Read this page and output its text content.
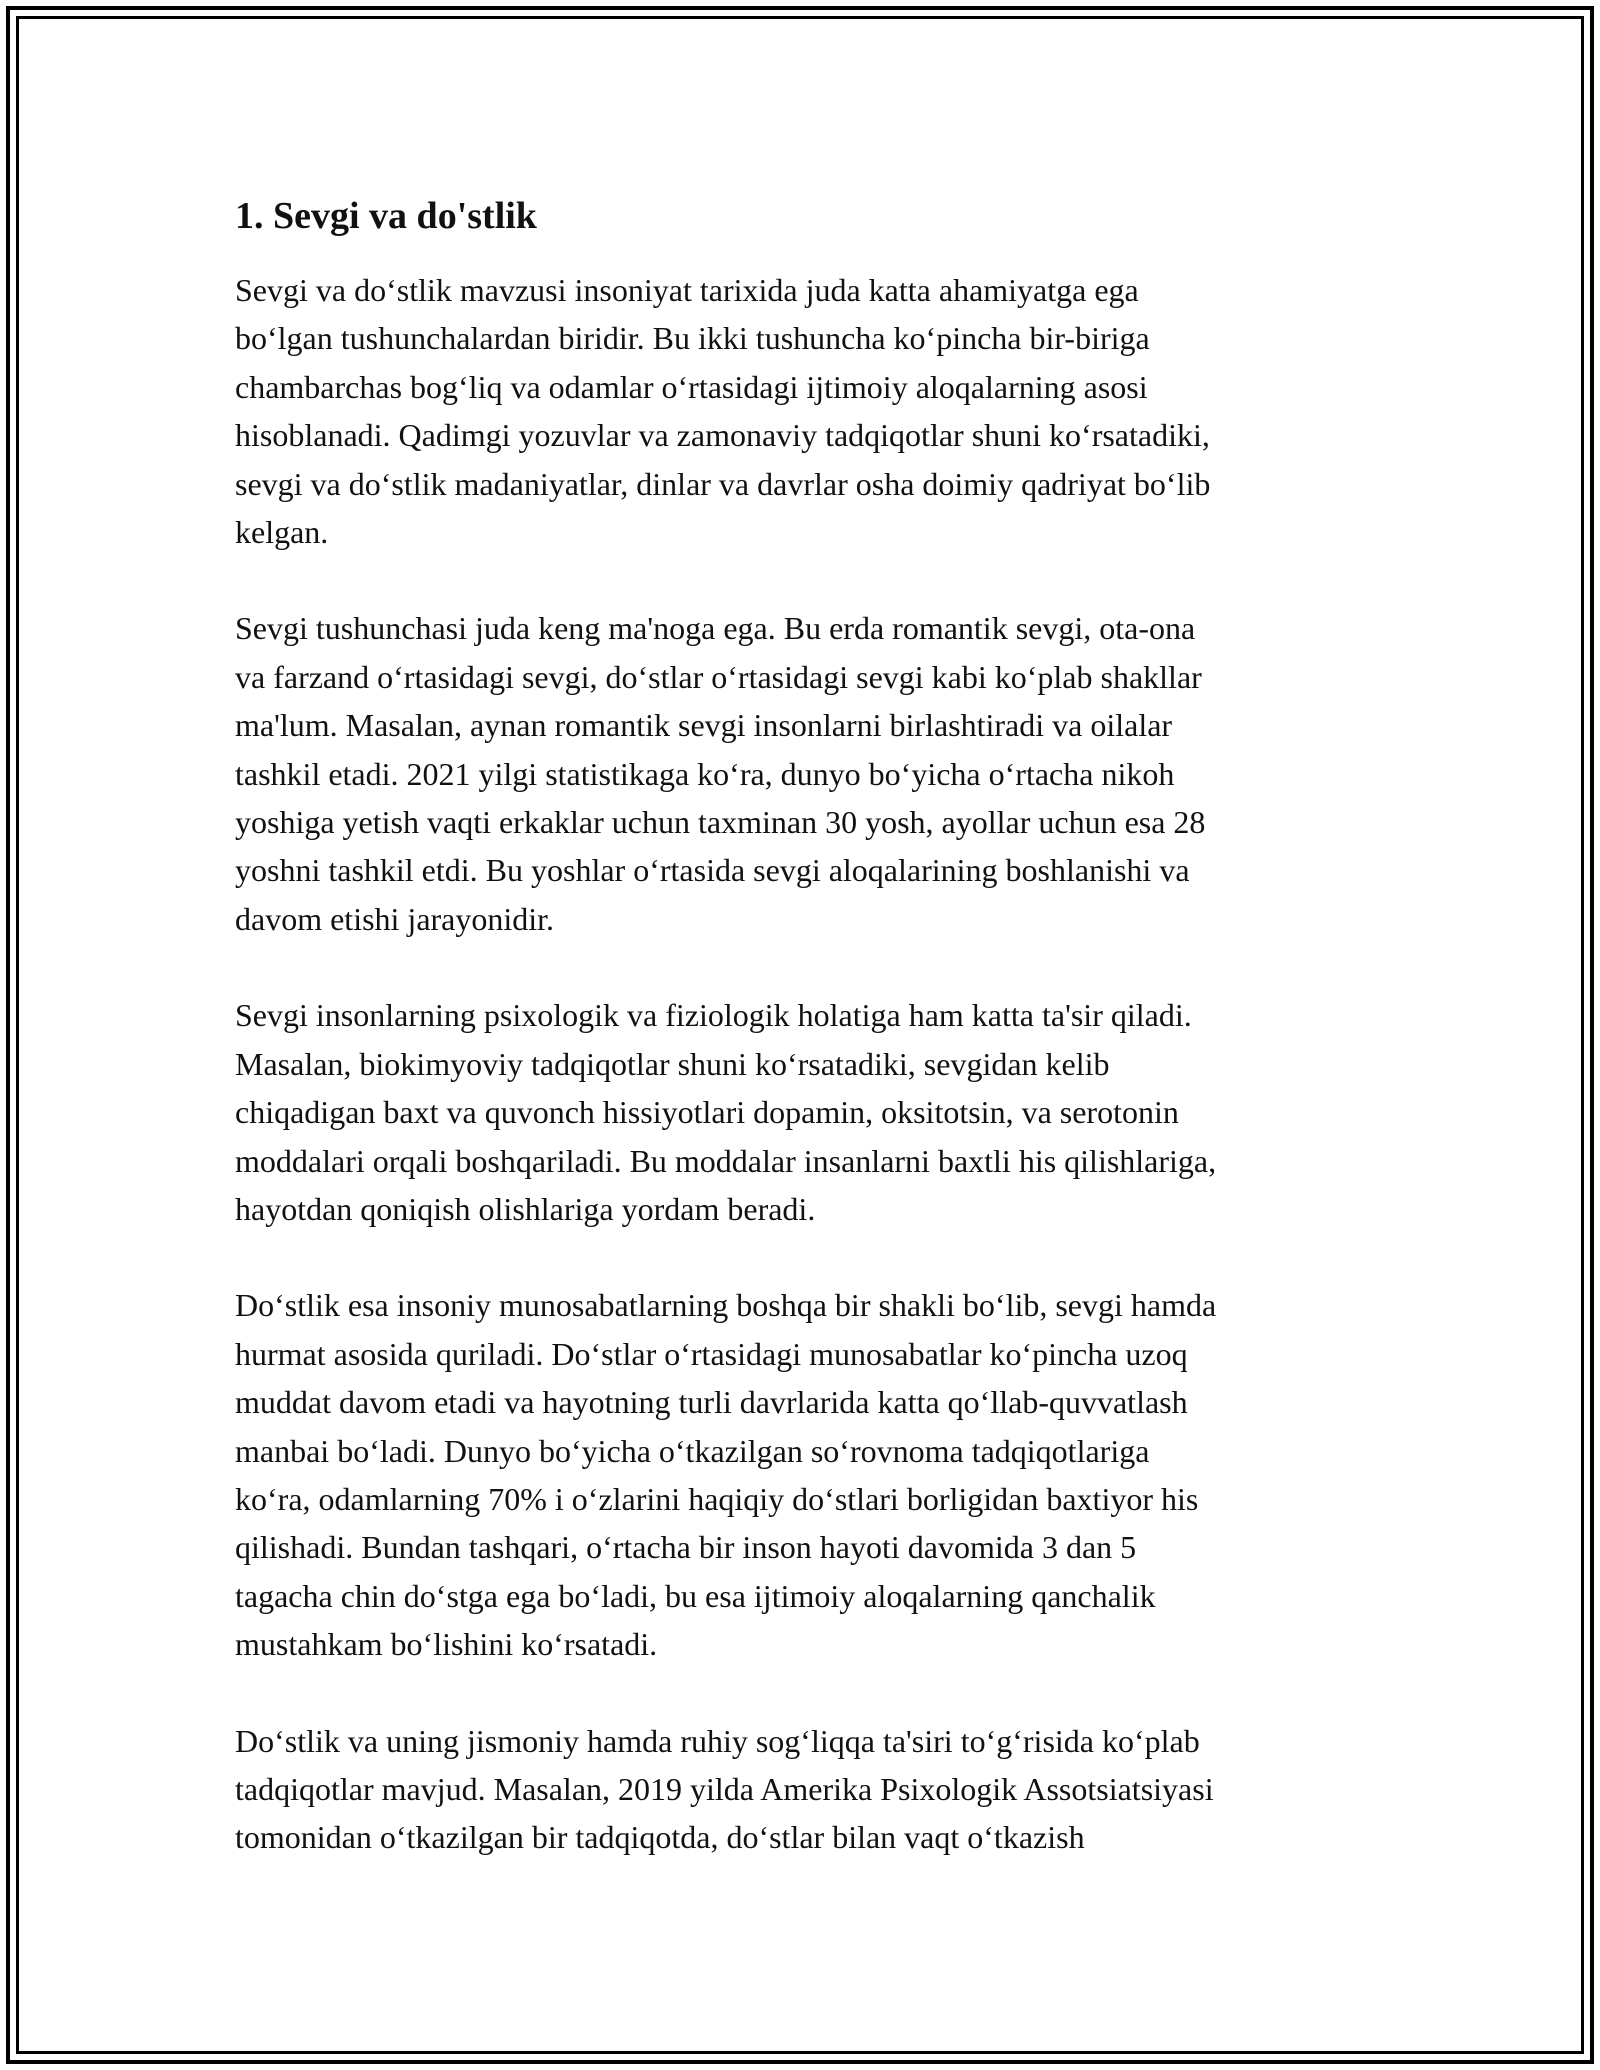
1. Sevgi va do'stlik

Sevgi va do‘stlik mavzusi insoniyat tarixida juda katta ahamiyatga ega
bo‘lgan tushunchalardan biridir. Bu ikki tushuncha ko‘pincha bir-biriga
chambarchas bog‘liq va odamlar o‘rtasidagi ijtimoiy aloqalarning asosi
hisoblanadi. Qadimgi yozuvlar va zamonaviy tadqiqotlar shuni ko‘rsatadiki,
sevgi va do‘stlik madaniyatlar, dinlar va davrlar osha doimiy qadriyat bo‘lib
kelgan.

Sevgi tushunchasi juda keng ma'noga ega. Bu erda romantik sevgi, ota-ona
va farzand o‘rtasidagi sevgi, do‘stlar o‘rtasidagi sevgi kabi ko‘plab shakllar
ma'lum. Masalan, aynan romantik sevgi insonlarni birlashtiradi va oilalar
tashkil etadi. 2021 yilgi statistikaga ko‘ra, dunyo bo‘yicha o‘rtacha nikoh
yoshiga yetish vaqti erkaklar uchun taxminan 30 yosh, ayollar uchun esa 28
yoshni tashkil etdi. Bu yoshlar o‘rtasida sevgi aloqalarining boshlanishi va
davom etishi jarayonidir.

Sevgi insonlarning psixologik va fiziologik holatiga ham katta ta'sir qiladi.
Masalan, biokimyoviy tadqiqotlar shuni ko‘rsatadiki, sevgidan kelib
chiqadigan baxt va quvonch hissiyotlari dopamin, oksitotsin, va serotonin
moddalari orqali boshqariladi. Bu moddalar insanlarni baxtli his qilishlariga,
hayotdan qoniqish olishlariga yordam beradi.

Do‘stlik esa insoniy munosabatlarning boshqa bir shakli bo‘lib, sevgi hamda
hurmat asosida quriladi. Do‘stlar o‘rtasidagi munosabatlar ko‘pincha uzoq
muddat davom etadi va hayotning turli davrlarida katta qo‘llab-quvvatlash
manbai bo‘ladi. Dunyo bo‘yicha o‘tkazilgan so‘rovnoma tadqiqotlariga
ko‘ra, odamlarning 70% i o‘zlarini haqiqiy do‘stlari borligidan baxtiyor his
qilishadi. Bundan tashqari, o‘rtacha bir inson hayoti davomida 3 dan 5
tagacha chin do‘stga ega bo‘ladi, bu esa ijtimoiy aloqalarning qanchalik
mustahkam bo‘lishini ko‘rsatadi.

Do‘stlik va uning jismoniy hamda ruhiy sog‘liqqa ta'siri to‘g‘risida ko‘plab
tadqiqotlar mavjud. Masalan, 2019 yilda Amerika Psixologik Assotsiatsiyasi
tomonidan o‘tkazilgan bir tadqiqotda, do‘stlar bilan vaqt o‘tkazish
